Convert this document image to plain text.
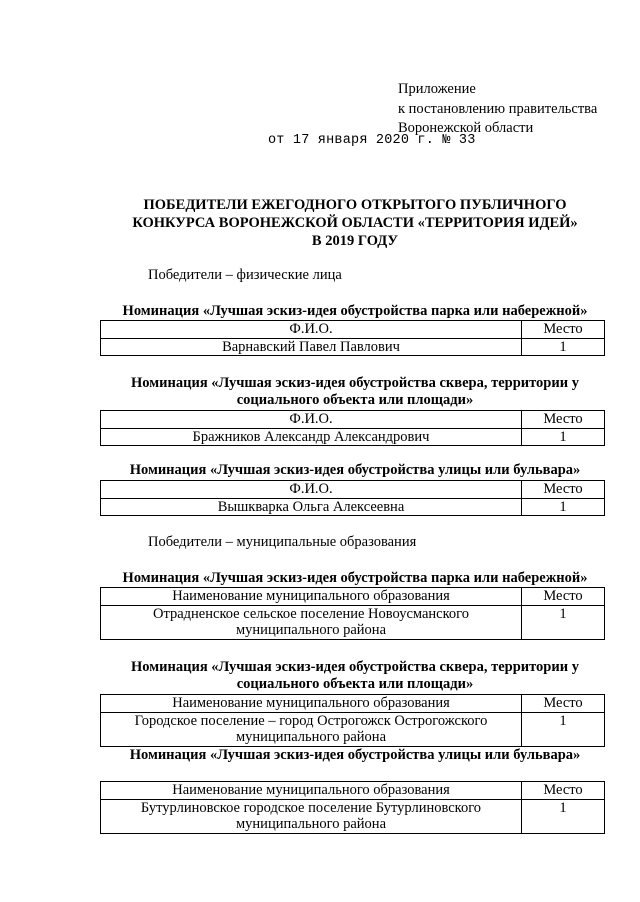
Приложение
к постановлению правительства
Воронежской области
от 17 января 2020 г. № 33
ПОБЕДИТЕЛИ ЕЖЕГОДНОГО ОТКРЫТОГО ПУБЛИЧНОГО
КОНКУРСА ВОРОНЕЖСКОЙ ОБЛАСТИ «ТЕРРИТОРИЯ ИДЕЙ»
В 2019 ГОДУ
Победители – физические лица
Номинация «Лучшая эскиз-идея обустройства парка или набережной»
Ф.И.О.	Место
Варнавский Павел Павлович	1
Номинация «Лучшая эскиз-идея обустройства сквера, территории у
социального объекта или площади»
Ф.И.О.	Место
Бражников Александр Александрович	1
Номинация «Лучшая эскиз-идея обустройства улицы или бульвара»
Ф.И.О.	Место
Вышкварка Ольга Алексеевна	1
Победители – муниципальные образования
Номинация «Лучшая эскиз-идея обустройства парка или набережной»
Наименование муниципального образования	Место

Отрадненское сельское поселение Новоусманского
муниципального района	1
Номинация «Лучшая эскиз-идея обустройства сквера, территории у
социального объекта или площади»
Наименование муниципального образования	Место

Городское поселение – город Острогожск Острогожского
муниципального района	1
Номинация «Лучшая эскиз-идея обустройства улицы или бульвара»
Наименование муниципального образования	Место

Бутурлиновское городское поселение Бутурлиновского
муниципального района	1
